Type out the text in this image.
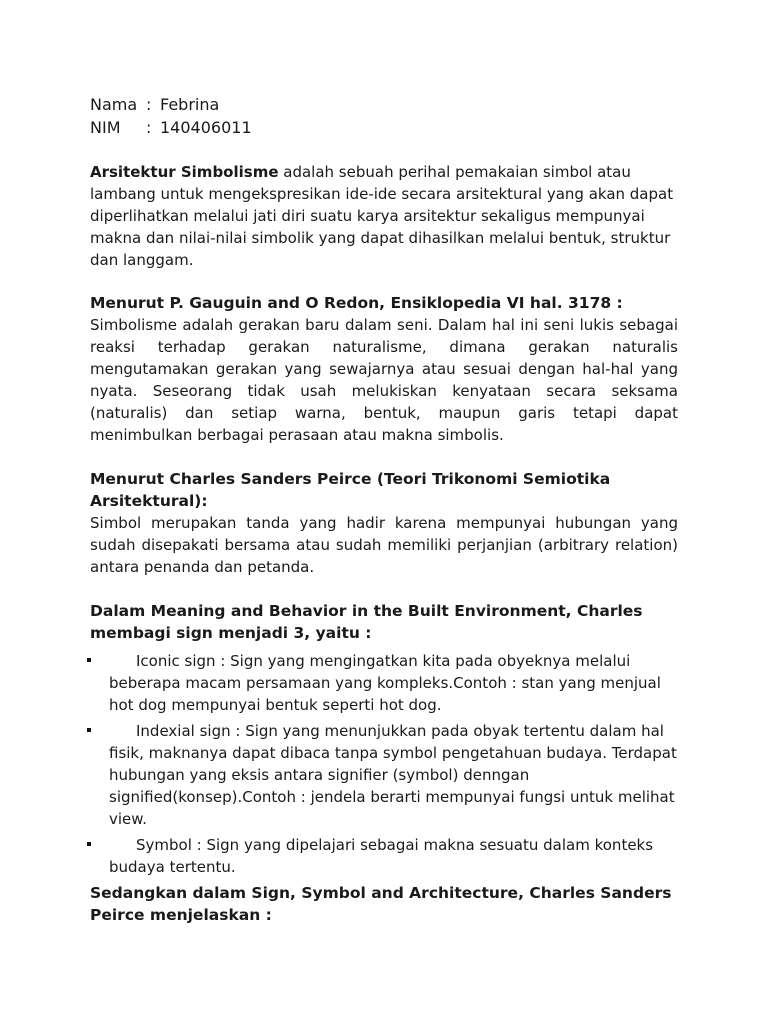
Nama : Febrina
NIM	: 140406011

Arsitektur Simbolisme adalah sebuah perihal pemakaian simbol atau lambang untuk mengekspresikan ide-ide secara arsitektural yang akan dapat diperlihatkan melalui jati diri suatu karya arsitektur sekaligus mempunyai makna dan nilai-nilai simbolik yang dapat dihasilkan melalui bentuk, struktur dan langgam.

Menurut P. Gauguin and O Redon, Ensiklopedia VI hal. 3178 :

Simbolisme adalah gerakan baru dalam seni. Dalam hal ini seni lukis sebagai reaksi terhadap gerakan naturalisme, dimana gerakan naturalis mengutamakan gerakan yang sewajarnya atau sesuai dengan hal-hal yang nyata. Seseorang tidak usah melukiskan kenyataan secara seksama (naturalis) dan setiap warna, bentuk, maupun garis tetapi dapat menimbulkan berbagai perasaan atau makna simbolis.

Menurut Charles Sanders Peirce (Teori Trikonomi Semiotika Arsitektural):

Simbol merupakan tanda yang hadir karena mempunyai hubungan yang sudah disepakati bersama atau sudah memiliki perjanjian (arbitrary relation) antara penanda dan petanda.

Dalam Meaning and Behavior in the Built Environment, Charles membagi sign menjadi 3, yaitu :

Iconic sign : Sign yang mengingatkan kita pada obyeknya melalui beberapa macam persamaan yang kompleks.Contoh : stan yang menjual hot dog mempunyai bentuk seperti hot dog.
Indexial sign : Sign yang menunjukkan pada obyak tertentu dalam hal fisik, maknanya dapat dibaca tanpa symbol pengetahuan budaya. Terdapat hubungan yang eksis antara signifier (symbol) denngan signified(konsep).Contoh : jendela berarti mempunyai fungsi untuk melihat view.
Symbol : Sign yang dipelajari sebagai makna sesuatu dalam konteks budaya tertentu.

Sedangkan dalam Sign, Symbol and Architecture, Charles Sanders Peirce menjelaskan :
